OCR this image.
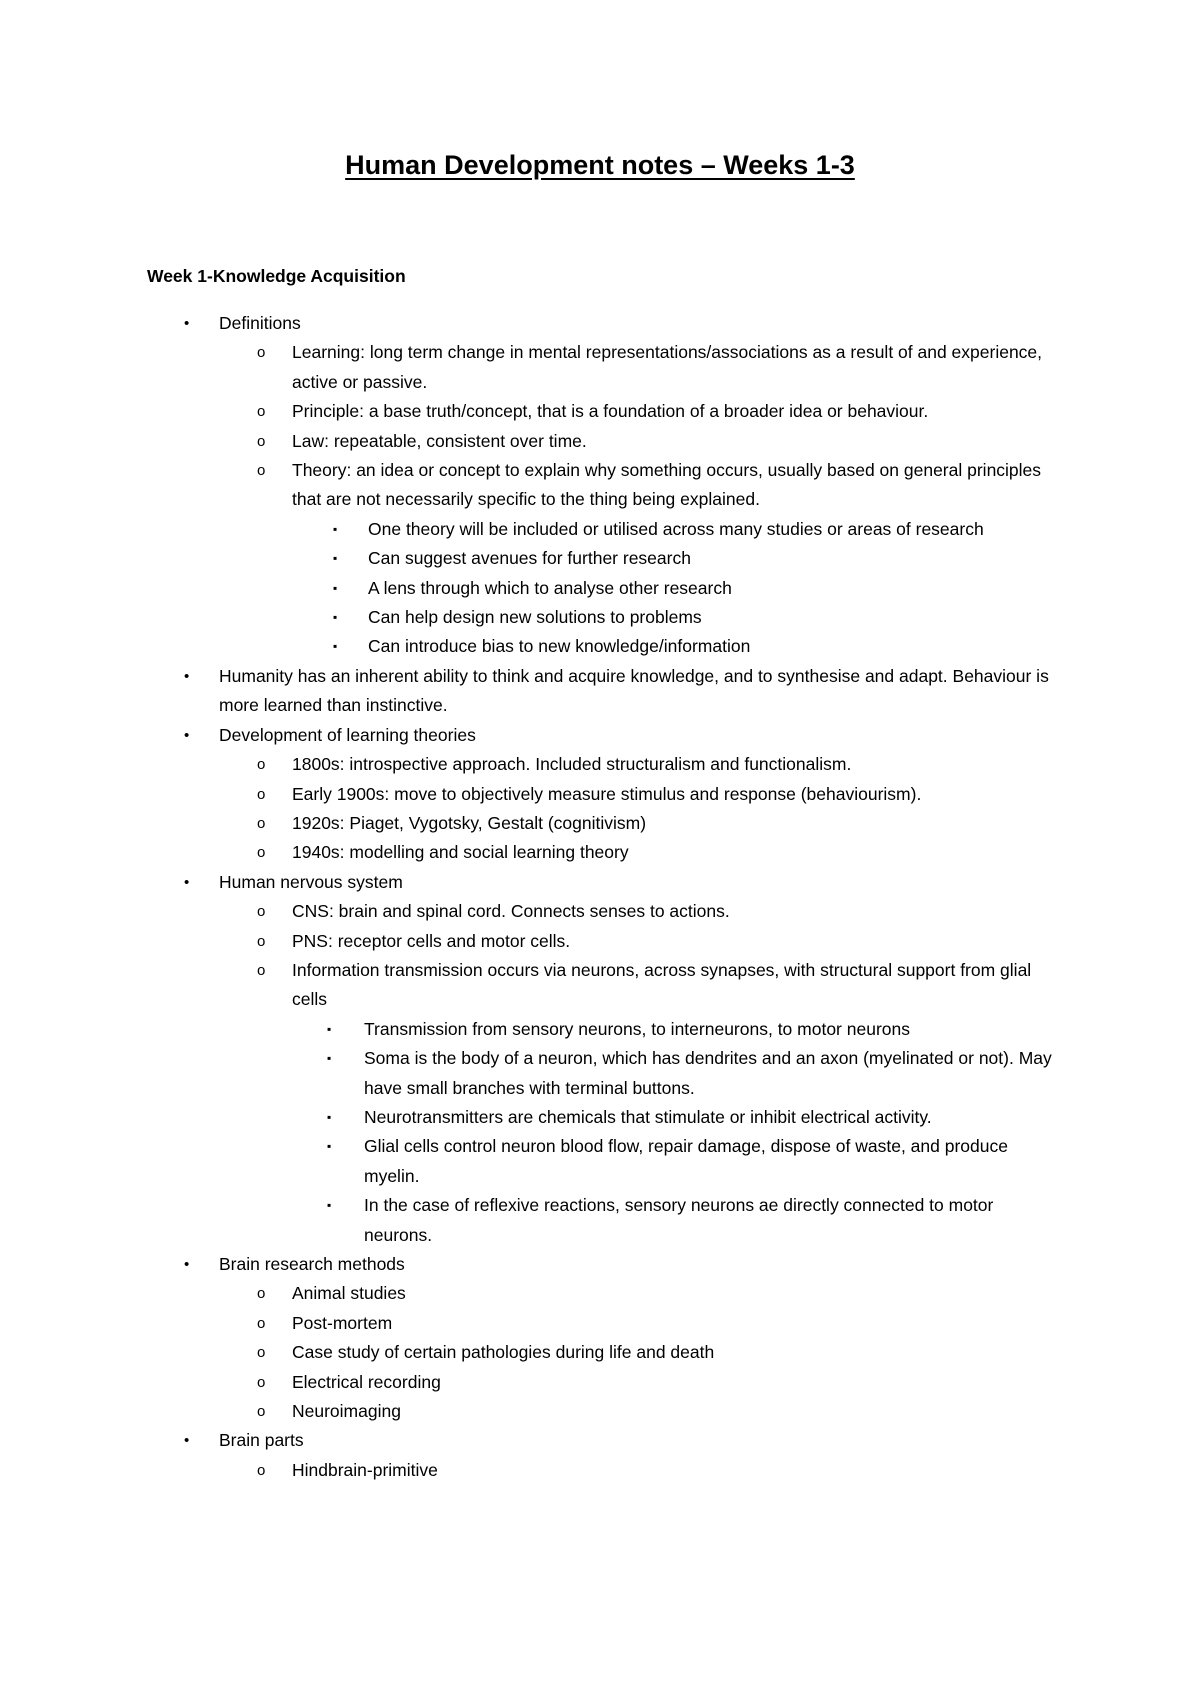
Human Development notes – Weeks 1-3
Week 1-Knowledge Acquisition
• Definitions
o Learning: long term change in mental representations/associations as a result of and experience, active or passive.
o Principle: a base truth/concept, that is a foundation of a broader idea or behaviour.
o Law: repeatable, consistent over time.
o Theory: an idea or concept to explain why something occurs, usually based on general principles that are not necessarily specific to the thing being explained.
▪ One theory will be included or utilised across many studies or areas of research
▪ Can suggest avenues for further research
▪ A lens through which to analyse other research
▪ Can help design new solutions to problems
▪ Can introduce bias to new knowledge/information
• Humanity has an inherent ability to think and acquire knowledge, and to synthesise and adapt. Behaviour is more learned than instinctive.
• Development of learning theories
o 1800s: introspective approach. Included structuralism and functionalism.
o Early 1900s: move to objectively measure stimulus and response (behaviourism).
o 1920s: Piaget, Vygotsky, Gestalt (cognitivism)
o 1940s: modelling and social learning theory
• Human nervous system
o CNS: brain and spinal cord. Connects senses to actions.
o PNS: receptor cells and motor cells.
o Information transmission occurs via neurons, across synapses, with structural support from glial cells
▪ Transmission from sensory neurons, to interneurons, to motor neurons
▪ Soma is the body of a neuron, which has dendrites and an axon (myelinated or not). May have small branches with terminal buttons.
▪ Neurotransmitters are chemicals that stimulate or inhibit electrical activity.
▪ Glial cells control neuron blood flow, repair damage, dispose of waste, and produce myelin.
▪ In the case of reflexive reactions, sensory neurons ae directly connected to motor neurons.
• Brain research methods
o Animal studies
o Post-mortem
o Case study of certain pathologies during life and death
o Electrical recording
o Neuroimaging
• Brain parts
o Hindbrain-primitive
